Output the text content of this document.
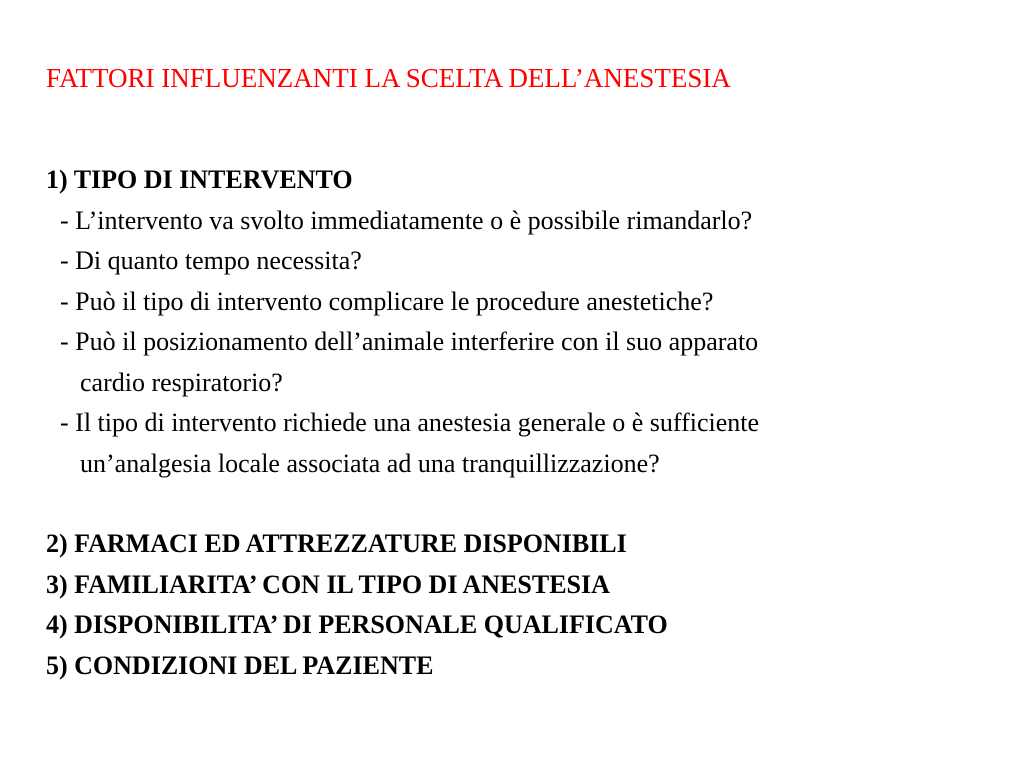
FATTORI INFLUENZANTI LA SCELTA DELL’ANESTESIA
1) TIPO DI INTERVENTO
- L’intervento va svolto immediatamente o è possibile rimandarlo?
- Di quanto tempo necessita?
- Può il tipo di intervento complicare le procedure anestetiche?
- Può il posizionamento dell’animale interferire con il suo apparato
cardio respiratorio?
- Il tipo di intervento richiede una anestesia generale o è sufficiente
un’analgesia locale associata ad una tranquillizzazione?
2) FARMACI ED ATTREZZATURE DISPONIBILI
3) FAMILIARITA’ CON IL TIPO DI ANESTESIA
4) DISPONIBILITA’ DI PERSONALE QUALIFICATO
5) CONDIZIONI DEL PAZIENTE
